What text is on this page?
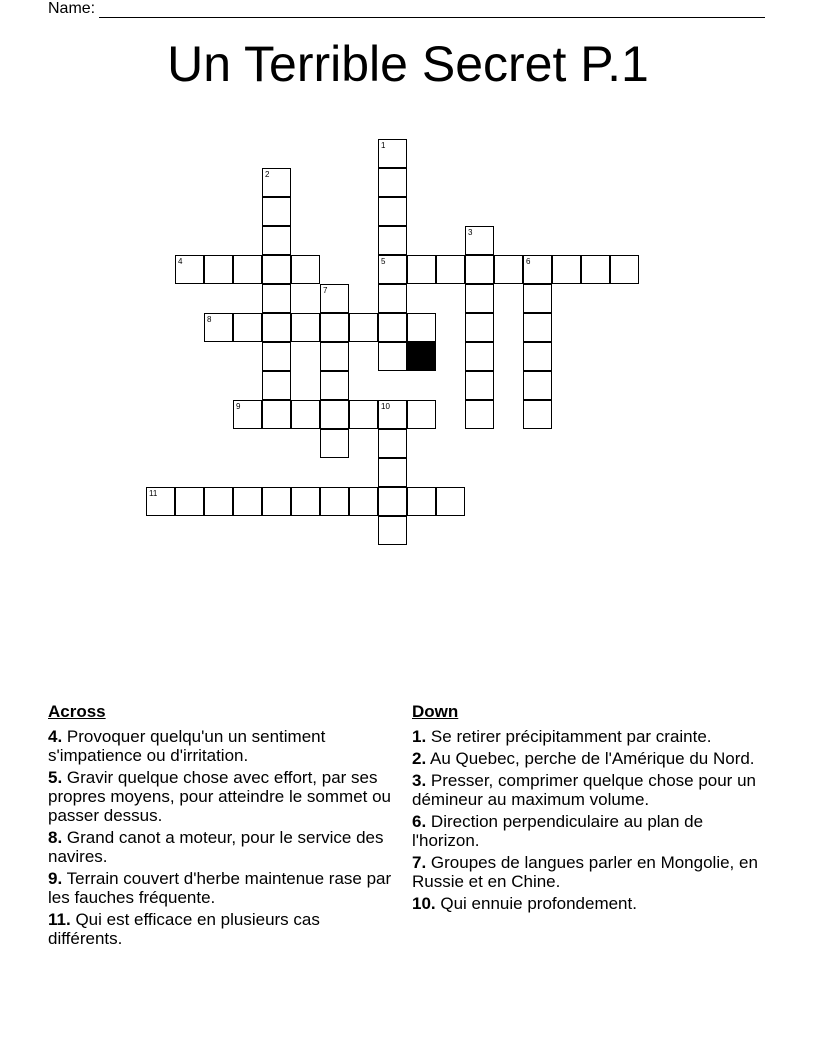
Name:
Un Terrible Secret P.1
4	5	6
8
9	10
11
1
2
3
7
Across
4. Provoquer quelqu'un un sentiment s'impatience ou d'irritation.
5. Gravir quelque chose avec effort, par ses propres moyens, pour atteindre le sommet ou passer dessus.
8. Grand canot a moteur, pour le service des navires.
9. Terrain couvert d'herbe maintenue rase par les fauches fréquente.
11. Qui est efficace en plusieurs cas différents.
Down
1. Se retirer précipitamment par crainte.
2. Au Quebec, perche de l'Amérique du Nord.
3. Presser, comprimer quelque chose pour un démineur au maximum volume.
6. Direction perpendiculaire au plan de l'horizon.
7. Groupes de langues parler en Mongolie, en Russie et en Chine.
10. Qui ennuie profondement.
